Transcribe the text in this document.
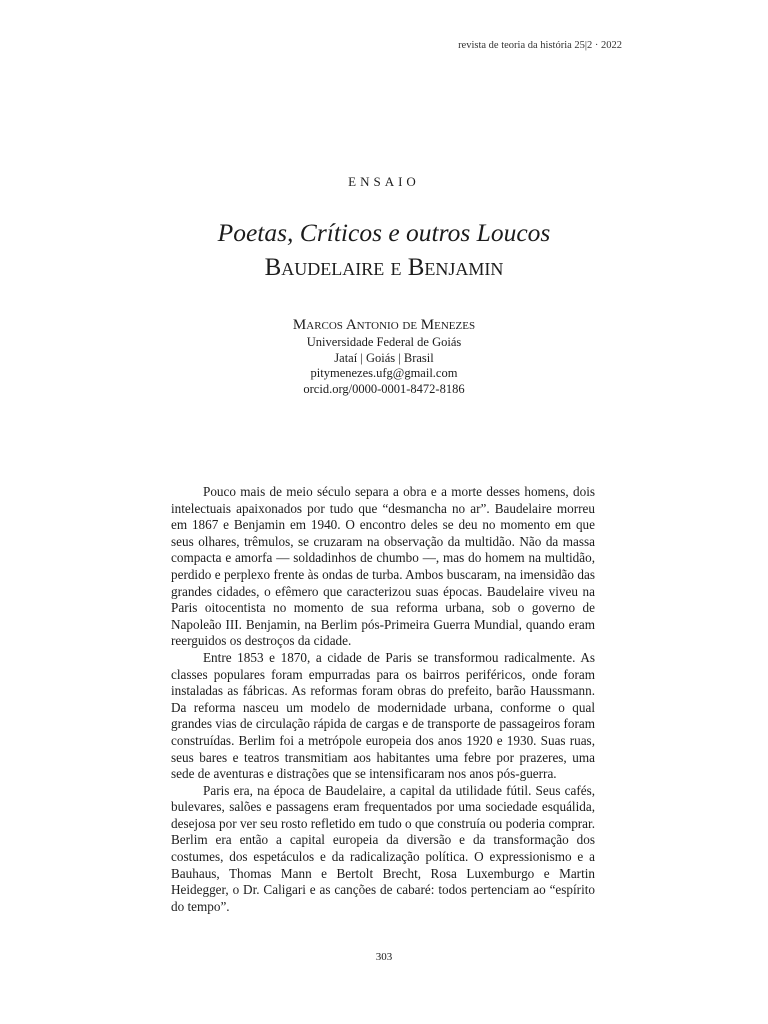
revista de teoria da história 25|2 · 2022
ENSAIO
Poetas, Críticos e outros Loucos
Baudelaire e Benjamin
Marcos Antonio de Menezes
Universidade Federal de Goiás
Jataí | Goiás | Brasil
pitymenezes.ufg@gmail.com
orcid.org/0000-0001-8472-8186

Pouco mais de meio século separa a obra e a morte desses homens, dois intelectuais apaixonados por tudo que “desmancha no ar”. Baudelaire morreu em 1867 e Benjamin em 1940. O encontro deles se deu no momento em que seus olhares, trêmulos, se cruzaram na observação da multidão. Não da massa compacta e amorfa — soldadinhos de chumbo —, mas do homem na multidão, perdido e perplexo frente às ondas de turba. Ambos buscaram, na imensidão das grandes cidades, o efêmero que caracterizou suas épocas. Baudelaire viveu na Paris oitocentista no momento de sua reforma urbana, sob o governo de Napoleão III. Benjamin, na Berlim pós-Primeira Guerra Mundial, quando eram reerguidos os destroços da cidade.

Entre 1853 e 1870, a cidade de Paris se transformou radicalmente. As classes populares foram empurradas para os bairros periféricos, onde foram instaladas as fábricas. As reformas foram obras do prefeito, barão Haussmann. Da reforma nasceu um modelo de modernidade urbana, conforme o qual grandes vias de circulação rápida de cargas e de transporte de passageiros foram construídas. Berlim foi a metrópole europeia dos anos 1920 e 1930. Suas ruas, seus bares e teatros transmitiam aos habitantes uma febre por prazeres, uma sede de aventuras e distrações que se intensificaram nos anos pós-guerra.

Paris era, na época de Baudelaire, a capital da utilidade fútil. Seus cafés, bulevares, salões e passagens eram frequentados por uma sociedade esquálida, desejosa por ver seu rosto refletido em tudo o que construía ou poderia comprar. Berlim era então a capital europeia da diversão e da transformação dos costumes, dos espetáculos e da radicalização política. O expressionismo e a Bauhaus, Thomas Mann e Bertolt Brecht, Rosa Luxemburgo e Martin Heidegger, o Dr. Caligari e as canções de cabaré: todos pertenciam ao “espírito do tempo”.

303
